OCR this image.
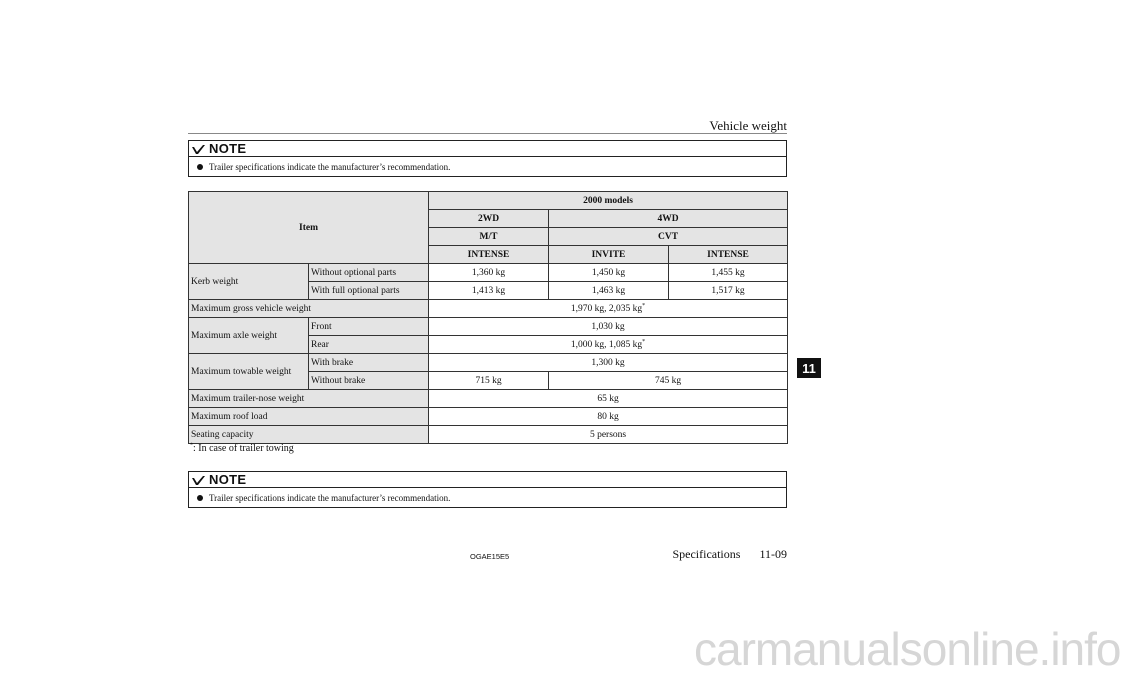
Vehicle weight
NOTE
Trailer specifications indicate the manufacturer’s recommendation.
Item		2000 models		
		2WD	4WD	
		M/T	CVT	
		INTENSE	INVITE	INTENSE
Kerb weight	Without optional parts	1,360 kg	1,450 kg	1,455 kg
	With full optional parts	1,413 kg	1,463 kg	1,517 kg
Maximum gross vehicle weight		1,970 kg, 2,035 kg*
Maximum axle weight	Front	1,030 kg		
	Rear	1,000 kg, 1,085 kg*
Maximum towable weight	With brake	1,300 kg		
	Without brake	715 kg	745 kg	
Maximum trailer-nose weight		65 kg		
Maximum roof load		80 kg		
Seating capacity		5 persons		
*: In case of trailer towing
NOTE
Trailer specifications indicate the manufacturer’s recommendation.
OGAE15E5	Specifications 11-09
11
carmanualsonline.info
